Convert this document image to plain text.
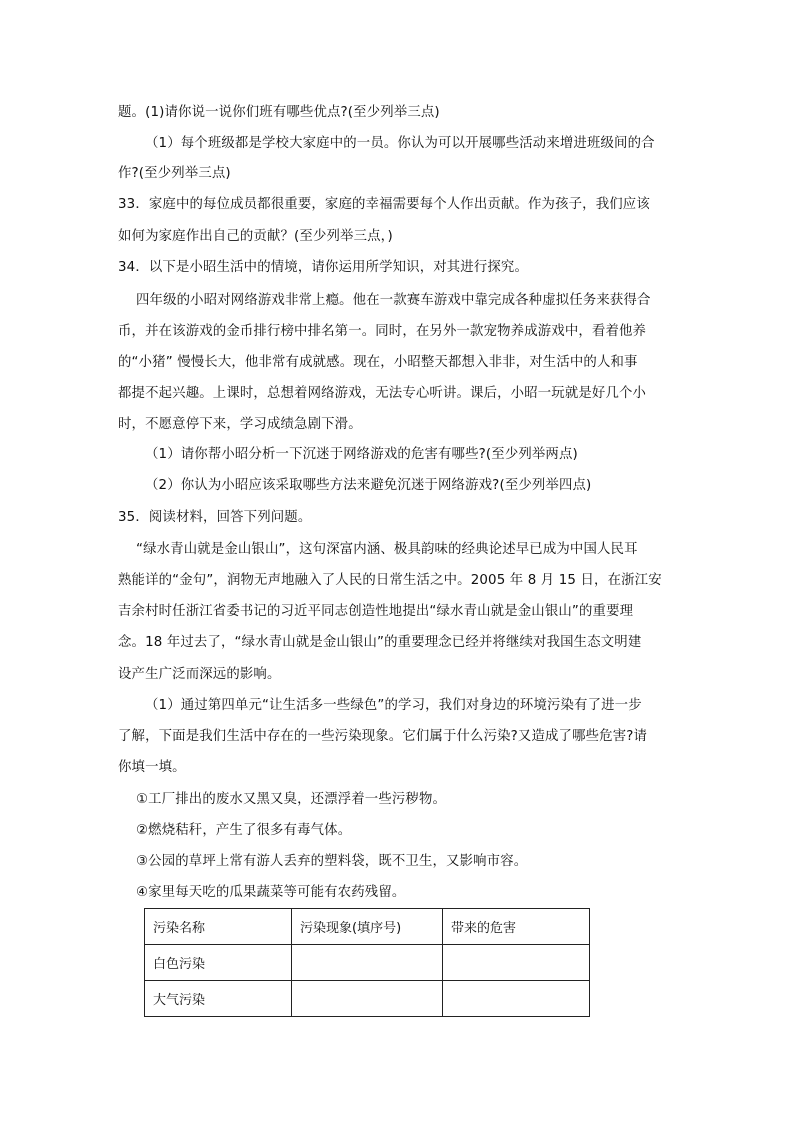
题。(1)请你说一说你们班有哪些优点?(至少列举三点)
（1）每个班级都是学校大家庭中的一员。你认为可以开展哪些活动来增进班级间的合
作?(至少列举三点)
33．家庭中的每位成员都很重要，家庭的幸福需要每个人作出贡献。作为孩子，我们应该
如何为家庭作出自己的贡献？(至少列举三点，)
34．以下是小昭生活中的情境，请你运用所学知识，对其进行探究。
四年级的小昭对网络游戏非常上瘾。他在一款赛车游戏中靠完成各种虚拟任务来获得合
币，并在该游戏的金币排行榜中排名第一。同时，在另外一款宠物养成游戏中，看着他养
的“小猪” 慢慢长大，他非常有成就感。现在，小昭整天都想入非非，对生活中的人和事
都提不起兴趣。上课时，总想着网络游戏，无法专心听讲。课后，小昭一玩就是好几个小
时，不愿意停下来，学习成绩急剧下滑。
（1）请你帮小昭分析一下沉迷于网络游戏的危害有哪些?(至少列举两点)
（2）你认为小昭应该采取哪些方法来避免沉迷于网络游戏?(至少列举四点)
35．阅读材料，回答下列问题。
“绿水青山就是金山银山”，这句深富内涵、极具韵味的经典论述早已成为中国人民耳
熟能详的“金句”，润物无声地融入了人民的日常生活之中。2005 年 8 月 15 日，在浙江安
吉余村时任浙江省委书记的习近平同志创造性地提出“绿水青山就是金山银山”的重要理
念。18 年过去了，“绿水青山就是金山银山”的重要理念已经并将继续对我国生态文明建
设产生广泛而深远的影响。
（1）通过第四单元“让生活多一些绿色”的学习，我们对身边的环境污染有了进一步
了解，下面是我们生活中存在的一些污染现象。它们属于什么污染?又造成了哪些危害?请
你填一填。
①工厂排出的废水又黑又臭，还漂浮着一些污秽物。
②燃烧秸秆，产生了很多有毒气体。
③公园的草坪上常有游人丢弃的塑料袋，既不卫生，又影响市容。
④家里每天吃的瓜果蔬菜等可能有农药残留。
污染名称	污染现象(填序号)	带来的危害
白色污染		
大气污染		
